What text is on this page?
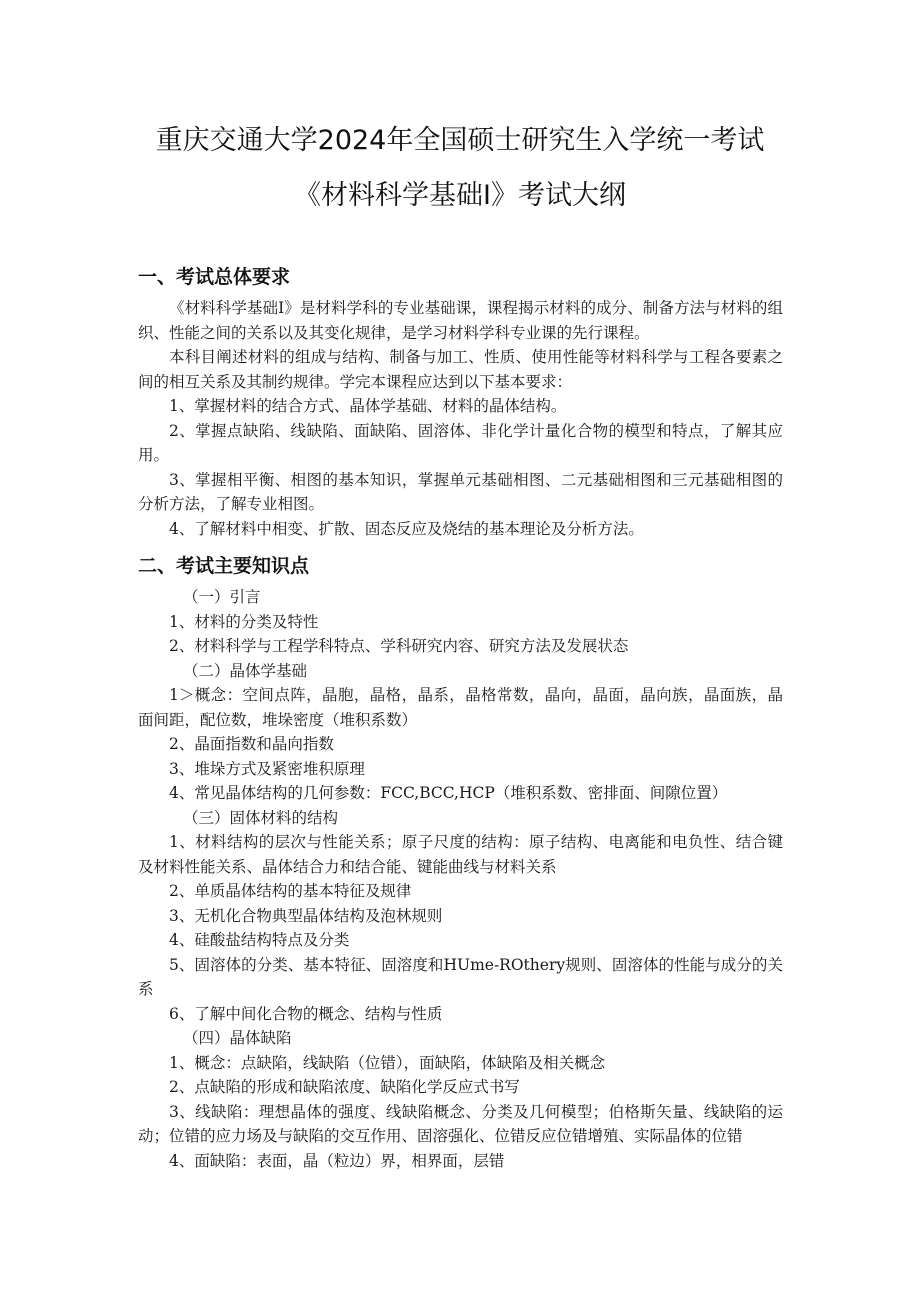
重庆交通大学2024年全国硕士研究生入学统一考试
《材料科学基础I》考试大纲
一、考试总体要求

《材料科学基础I》是材料学科的专业基础课，课程揭示材料的成分、制备方法与材料的组织、性能之间的关系以及其变化规律，是学习材料学科专业课的先行课程。

本科目阐述材料的组成与结构、制备与加工、性质、使用性能等材料科学与工程各要素之间的相互关系及其制约规律。学完本课程应达到以下基本要求：

1、掌握材料的结合方式、晶体学基础、材料的晶体结构。

2、掌握点缺陷、线缺陷、面缺陷、固溶体、非化学计量化合物的模型和特点，了解其应用。

3、掌握相平衡、相图的基本知识，掌握单元基础相图、二元基础相图和三元基础相图的分析方法，了解专业相图。

4、了解材料中相变、扩散、固态反应及烧结的基本理论及分析方法。

二、考试主要知识点

（一）引言

1、材料的分类及特性

2、材料科学与工程学科特点、学科研究内容、研究方法及发展状态

（二）晶体学基础

1＞概念：空间点阵，晶胞，晶格，晶系，晶格常数，晶向，晶面，晶向族，晶面族，晶面间距，配位数，堆垛密度（堆积系数）

2、晶面指数和晶向指数

3、堆垛方式及紧密堆积原理

4、常见晶体结构的几何参数：FCC,BCC,HCP（堆积系数、密排面、间隙位置）

（三）固体材料的结构

1、材料结构的层次与性能关系；原子尺度的结构：原子结构、电离能和电负性、结合键及材料性能关系、晶体结合力和结合能、键能曲线与材料关系

2、单质晶体结构的基本特征及规律

3、无机化合物典型晶体结构及泡林规则

4、硅酸盐结构特点及分类

5、固溶体的分类、基本特征、固溶度和HUme-ROthery规则、固溶体的性能与成分的关系

6、了解中间化合物的概念、结构与性质

（四）晶体缺陷

1、概念：点缺陷，线缺陷（位错），面缺陷，体缺陷及相关概念

2、点缺陷的形成和缺陷浓度、缺陷化学反应式书写

3、线缺陷：理想晶体的强度、线缺陷概念、分类及几何模型；伯格斯矢量、线缺陷的运动；位错的应力场及与缺陷的交互作用、固溶强化、位错反应位错增殖、实际晶体的位错

4、面缺陷：表面，晶（粒边）界，相界面，层错
